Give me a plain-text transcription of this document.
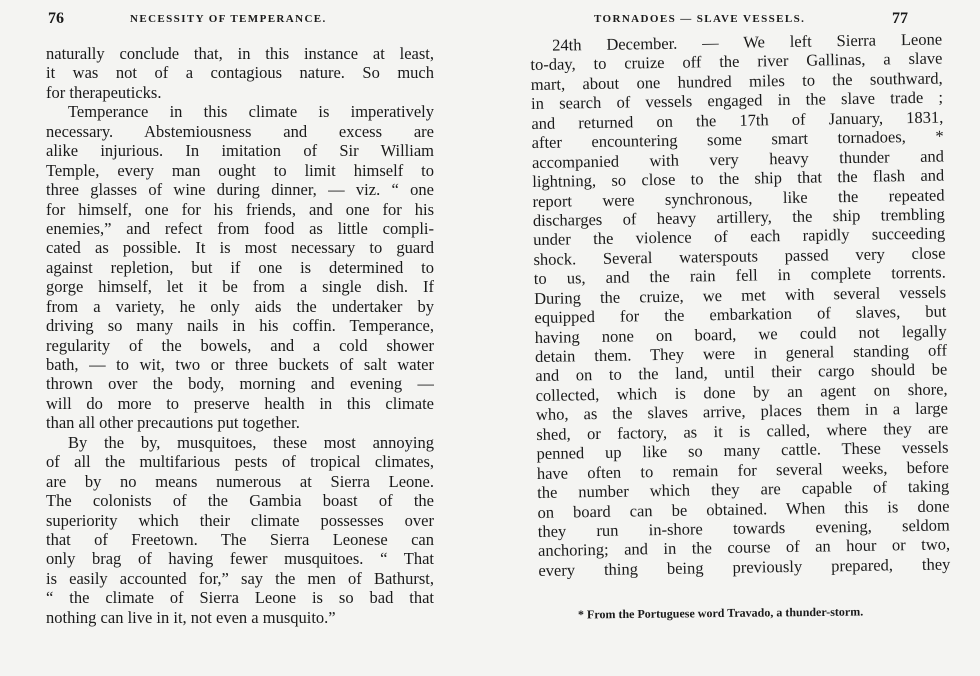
76	NECESSITY OF TEMPERANCE.
naturally conclude that, in this instance at least,
it was not of a contagious nature. So much
for therapeuticks.
Temperance in this climate is imperatively
necessary. Abstemiousness and excess are
alike injurious. In imitation of Sir William
Temple, every man ought to limit himself to
three glasses of wine during dinner, — viz. “ one
for himself, one for his friends, and one for his
enemies,” and refect from food as little compli-
cated as possible. It is most necessary to guard
against repletion, but if one is determined to
gorge himself, let it be from a single dish. If
from a variety, he only aids the undertaker by
driving so many nails in his coffin. Temperance,
regularity of the bowels, and a cold shower
bath, — to wit, two or three buckets of salt water
thrown over the body, morning and evening —
will do more to preserve health in this climate
than all other precautions put together.
By the by, musquitoes, these most annoying
of all the multifarious pests of tropical climates,
are by no means numerous at Sierra Leone.
The colonists of the Gambia boast of the
superiority which their climate possesses over
that of Freetown. The Sierra Leonese can
only brag of having fewer musquitoes. “ That
is easily accounted for,” say the men of Bathurst,
“ the climate of Sierra Leone is so bad that
nothing can live in it, not even a musquito.”
TORNADOES — SLAVE VESSELS.	77
24th December. — We left Sierra Leone
to-day, to cruize off the river Gallinas, a slave
mart, about one hundred miles to the southward,
in search of vessels engaged in the slave trade ;
and returned on the 17th of January, 1831,
after encountering some smart tornadoes, *
accompanied with very heavy thunder and
lightning, so close to the ship that the flash and
report were synchronous, like the repeated
discharges of heavy artillery, the ship trembling
under the violence of each rapidly succeeding
shock. Several waterspouts passed very close
to us, and the rain fell in complete torrents.
During the cruize, we met with several vessels
equipped for the embarkation of slaves, but
having none on board, we could not legally
detain them. They were in general standing off
and on to the land, until their cargo should be
collected, which is done by an agent on shore,
who, as the slaves arrive, places them in a large
shed, or factory, as it is called, where they are
penned up like so many cattle. These vessels
have often to remain for several weeks, before
the number which they are capable of taking
on board can be obtained. When this is done
they run in-shore towards evening, seldom
anchoring; and in the course of an hour or two,
every thing being previously prepared, they
* From the Portuguese word Travado, a thunder-storm.
